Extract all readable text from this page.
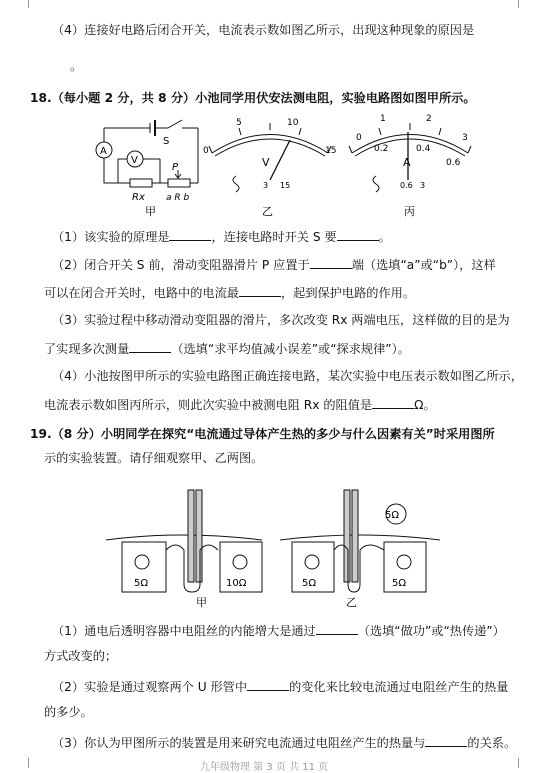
（4）连接好电路后闭合开关，电流表示数如图乙所示，出现这种现象的原因是
。
18.（每小题 2 分，共 8 分）小池同学用伏安法测电阻，实验电路图如图甲所示。
A
V
S
Rx
P
a R b
甲
0
5	10
15
V
3 15
乙
0
1	2
3
0.2	0.4
0.6
A
0.6 3
丙
（1）该实验的原理是	，连接电路时开关 S 要	。
（2）闭合开关 S 前，滑动变阻器滑片 P 应置于	端（选填“a”或“b”），这样
可以在闭合开关时，电路中的电流最	，起到保护电路的作用。
（3）实验过程中移动滑动变阻器的滑片，多次改变 Rx 两端电压，这样做的目的是为
了实现多次测量	（选填“求平均值减小误差”或“探求规律”）。
（4）小池按图甲所示的实验电路图正确连接电路，某次实验中电压表示数如图乙所示，
电流表示数如图丙所示，则此次实验中被测电阻 Rx 的阻值是	Ω。
19.（8 分）小明同学在探究“电流通过导体产生热的多少与什么因素有关”时采用图所
示的实验装置。请仔细观察甲、乙两图。
5Ω	10Ω
甲
5Ω
5Ω	5Ω
乙
（1）通电后透明容器中电阻丝的内能增大是通过	（选填“做功”或“热传递”）
方式改变的；
（2）实验是通过观察两个 U 形管中	的变化来比较电流通过电阻丝产生的热量
的多少。
（3）你认为甲图所示的装置是用来研究电流通过电阻丝产生的热量与	的关系。
九年级物理 第 3 页 共 11 页
